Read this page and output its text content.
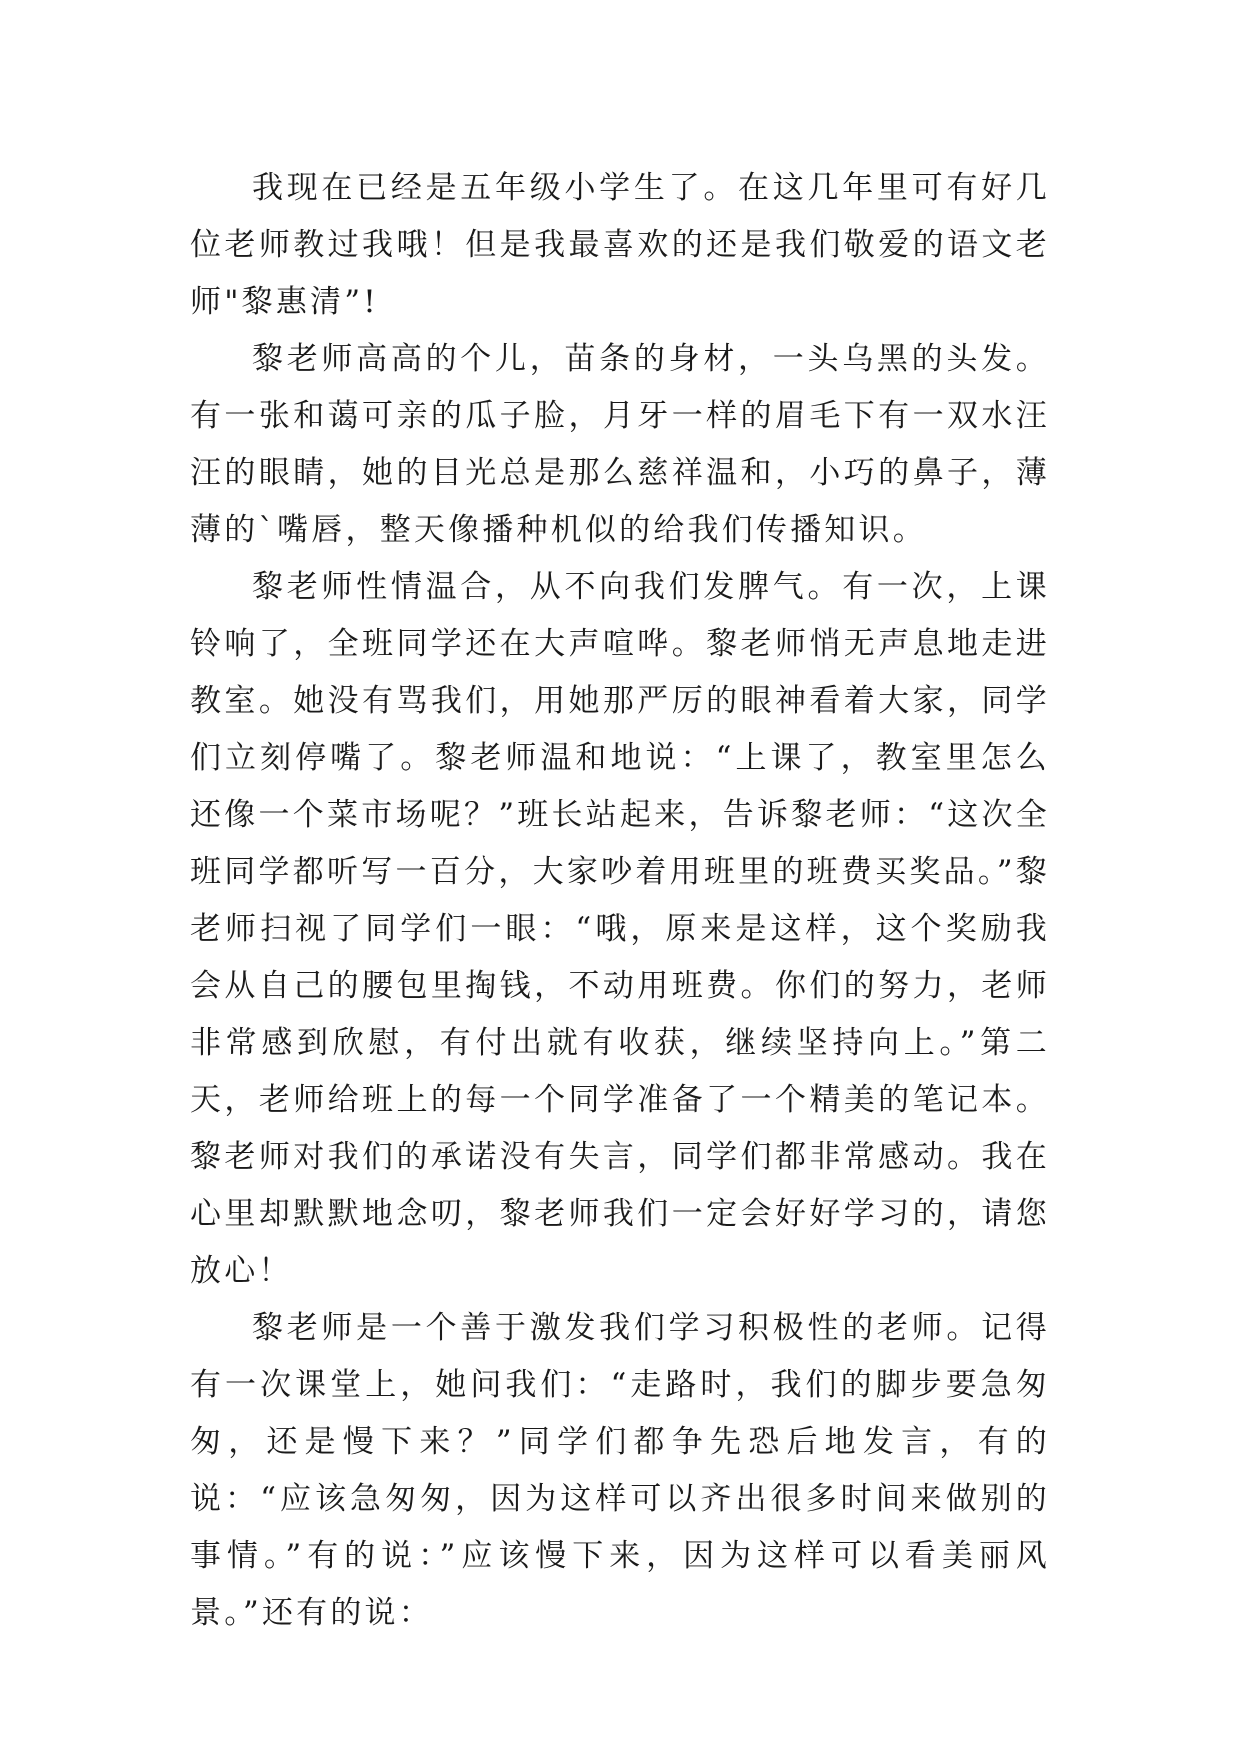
我现在已经是五年级小学生了。在这几年里可有好几位老师教过我哦！但是我最喜欢的还是我们敬爱的语文老师"黎惠清”!

黎老师高高的个儿，苗条的身材，一头乌黑的头发。有一张和蔼可亲的瓜子脸，月牙一样的眉毛下有一双水汪汪的眼睛，她的目光总是那么慈祥温和，小巧的鼻子，薄薄的`嘴唇，整天像播种机似的给我们传播知识。

黎老师性情温合，从不向我们发脾气。有一次，上课铃响了，全班同学还在大声喧哗。黎老师悄无声息地走进教室。她没有骂我们，用她那严厉的眼神看着大家，同学们立刻停嘴了。黎老师温和地说：“上课了，教室里怎么还像一个菜市场呢？”班长站起来，告诉黎老师：“这次全班同学都听写一百分，大家吵着用班里的班费买奖品。”黎老师扫视了同学们一眼：“哦，原来是这样，这个奖励我会从自己的腰包里掏钱，不动用班费。你们的努力，老师非常感到欣慰，有付出就有收获，继续坚持向上。”第二天，老师给班上的每一个同学准备了一个精美的笔记本。黎老师对我们的承诺没有失言，同学们都非常感动。我在心里却默默地念叨，黎老师我们一定会好好学习的，请您放心！

黎老师是一个善于激发我们学习积极性的老师。记得有一次课堂上，她问我们：“走路时，我们的脚步要急匆匆，还是慢下来？”同学们都争先恐后地发言，有的说：“应该急匆匆，因为这样可以齐出很多时间来做别的事情。”有的说：”应该慢下来，因为这样可以看美丽风景。”还有的说：
